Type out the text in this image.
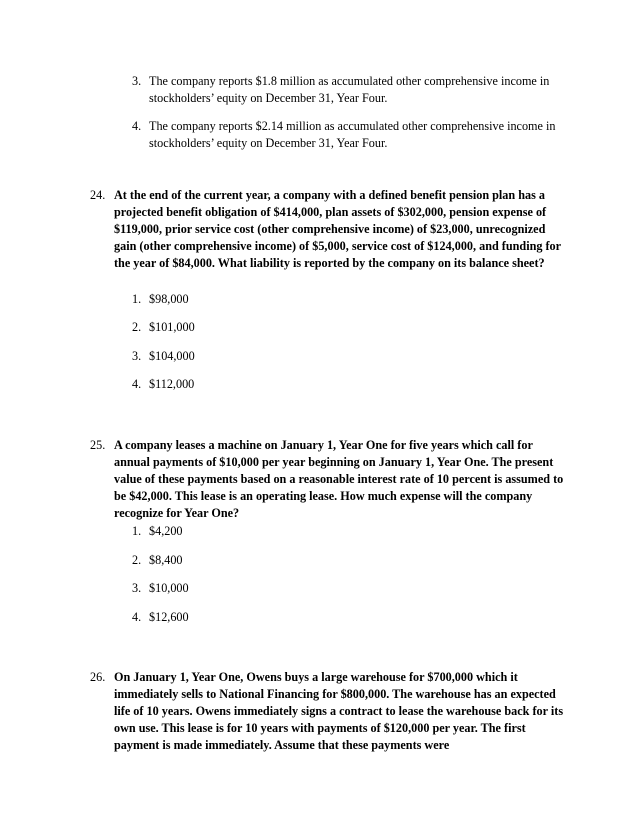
3. The company reports $1.8 million as accumulated other comprehensive income in stockholders’ equity on December 31, Year Four.
4. The company reports $2.14 million as accumulated other comprehensive income in stockholders’ equity on December 31, Year Four.
24. At the end of the current year, a company with a defined benefit pension plan has a projected benefit obligation of $414,000, plan assets of $302,000, pension expense of $119,000, prior service cost (other comprehensive income) of $23,000, unrecognized gain (other comprehensive income) of $5,000, service cost of $124,000, and funding for the year of $84,000. What liability is reported by the company on its balance sheet?
1. $98,000
2. $101,000
3. $104,000
4. $112,000
25. A company leases a machine on January 1, Year One for five years which call for annual payments of $10,000 per year beginning on January 1, Year One. The present value of these payments based on a reasonable interest rate of 10 percent is assumed to be $42,000. This lease is an operating lease. How much expense will the company recognize for Year One?
1. $4,200
2. $8,400
3. $10,000
4. $12,600
26. On January 1, Year One, Owens buys a large warehouse for $700,000 which it immediately sells to National Financing for $800,000. The warehouse has an expected life of 10 years. Owens immediately signs a contract to lease the warehouse back for its own use. This lease is for 10 years with payments of $120,000 per year. The first payment is made immediately. Assume that these payments were
